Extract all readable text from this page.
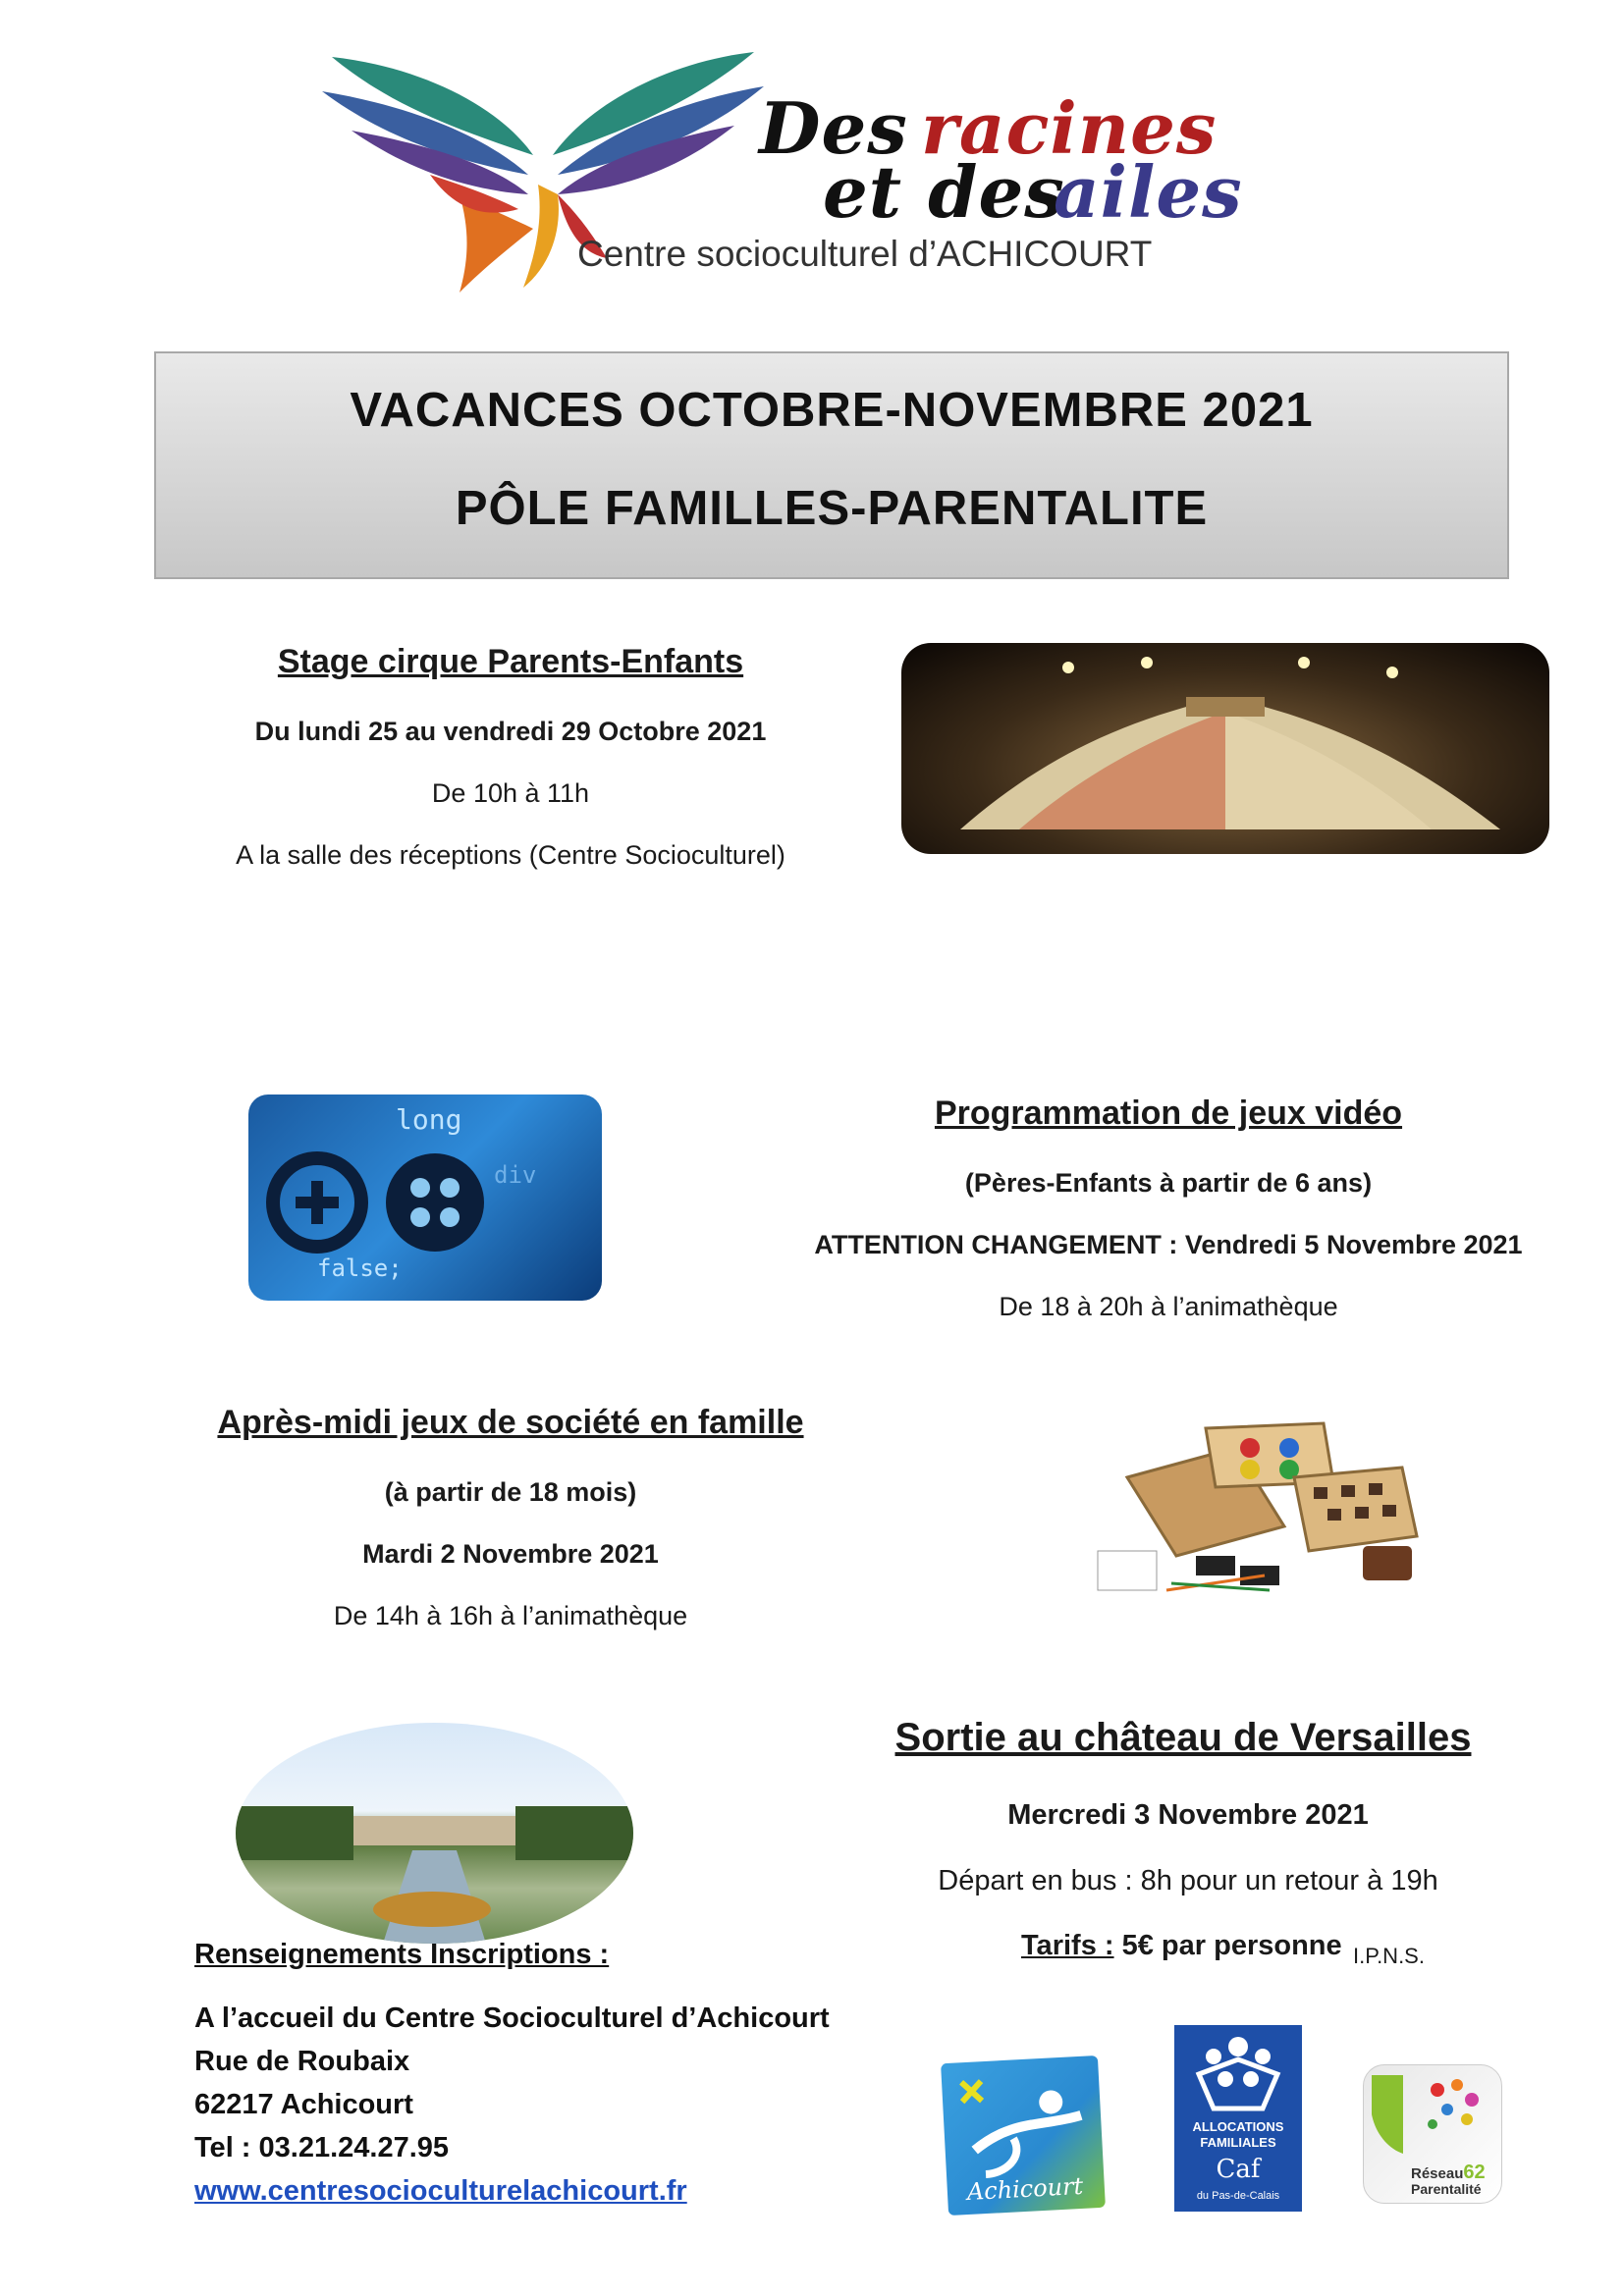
Des racines
et des
ailes
Centre socioculturel d’ACHICOURT
VACANCES OCTOBRE-NOVEMBRE 2021
PÔLE FAMILLES-PARENTALITE
Stage cirque Parents-Enfants
Du lundi 25 au vendredi 29 Octobre 2021
De 10h à 11h
A la salle des réceptions (Centre Socioculturel)
long
div
false;
Programmation de jeux vidéo
(Pères-Enfants à partir de 6 ans)
ATTENTION CHANGEMENT : Vendredi 5 Novembre 2021
De 18 à 20h à l’animathèque
Après-midi jeux de société en famille
(à partir de 18 mois)
Mardi 2 Novembre 2021
De 14h à 16h à l’animathèque
Sortie au château de Versailles
Mercredi 3 Novembre 2021
Départ en bus : 8h pour un retour à 19h
Tarifs : 5€ par personne I.P.N.S.
Renseignements Inscriptions :
A l’accueil du Centre Socioculturel d’Achicourt
Rue de Roubaix
62217 Achicourt
Tel : 03.21.24.27.95
www.centresocioculturelachicourt.fr	Achicourt
ALLOCATIONS
FAMILIALES
Caf
du Pas-de-Calais
Réseau62
Parentalité
